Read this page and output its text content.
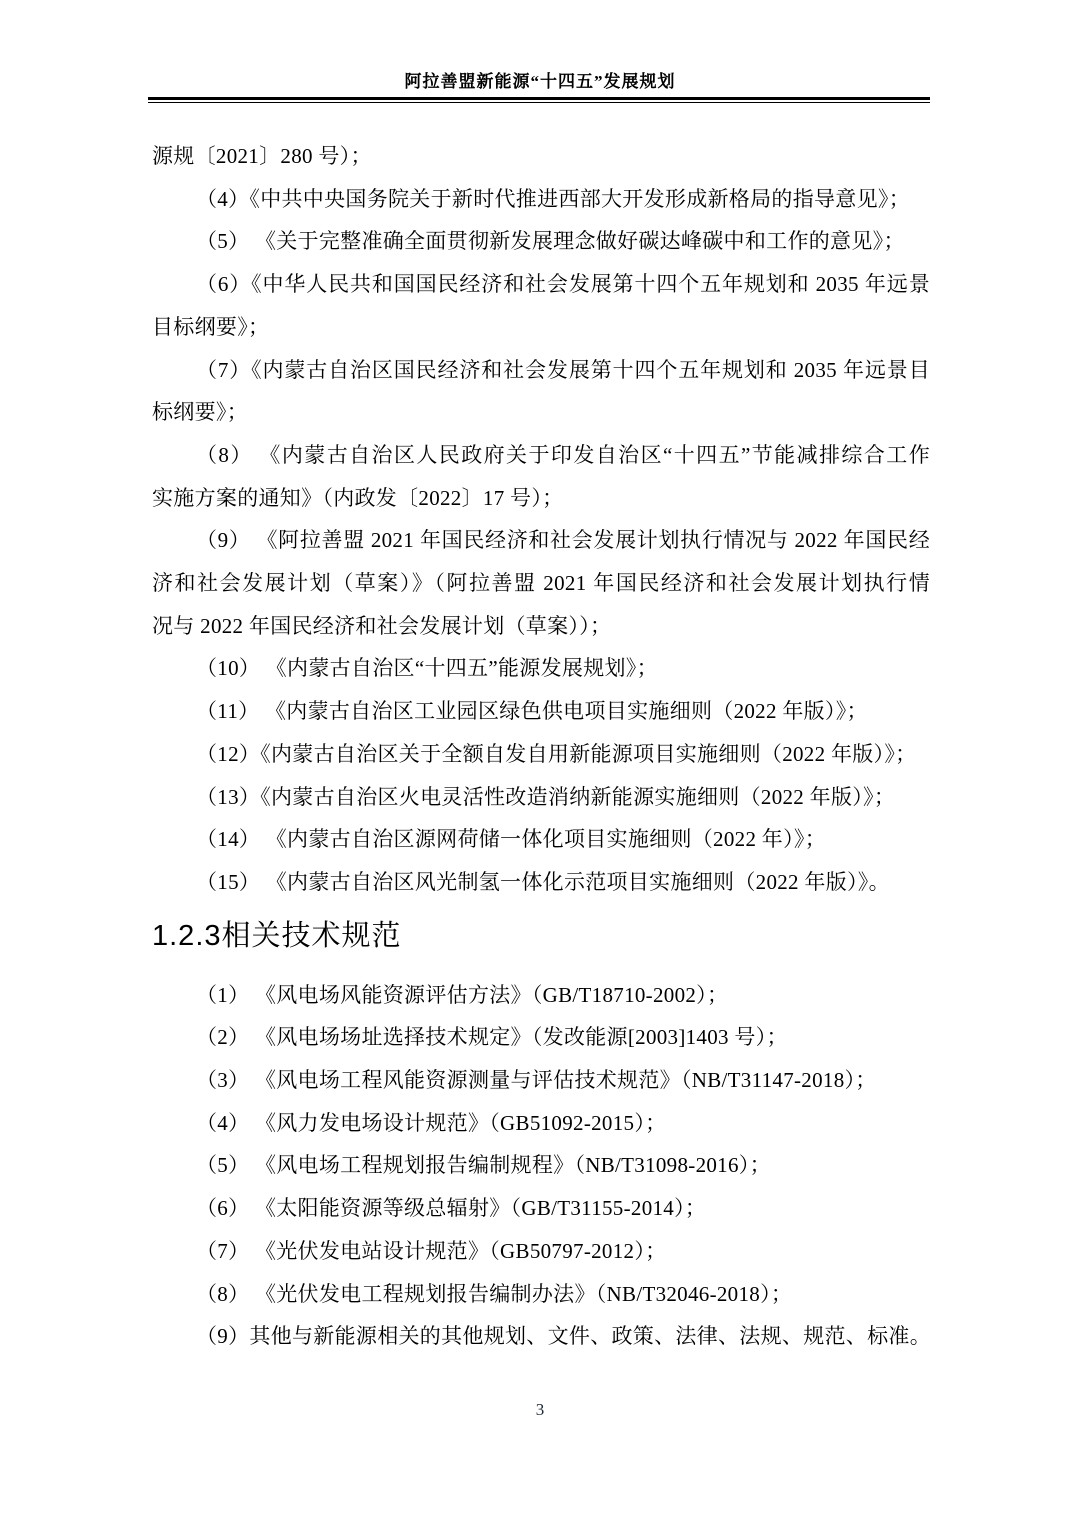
阿拉善盟新能源“十四五”发展规划
源规〔2021〕280 号）；
（4）《中共中央国务院关于新时代推进西部大开发形成新格局的指导意见》；
（5） 《关于完整准确全面贯彻新发展理念做好碳达峰碳中和工作的意见》；
（6）《中华人民共和国国民经济和社会发展第十四个五年规划和 2035 年远景
目标纲要》；
（7）《内蒙古自治区国民经济和社会发展第十四个五年规划和 2035 年远景目
标纲要》；
（8） 《内蒙古自治区人民政府关于印发自治区“十四五”节能减排综合工作
实施方案的通知》（内政发〔2022〕17 号）；
（9） 《阿拉善盟 2021 年国民经济和社会发展计划执行情况与 2022 年国民经
济和社会发展计划（草案）》（阿拉善盟 2021 年国民经济和社会发展计划执行情
况与 2022 年国民经济和社会发展计划（草案））；
（10） 《内蒙古自治区“十四五”能源发展规划》；
（11） 《内蒙古自治区工业园区绿色供电项目实施细则（2022 年版）》；
（12）《内蒙古自治区关于全额自发自用新能源项目实施细则（2022 年版）》；
（13）《内蒙古自治区火电灵活性改造消纳新能源实施细则（2022 年版）》；
（14） 《内蒙古自治区源网荷储一体化项目实施细则（2022 年）》；
（15） 《内蒙古自治区风光制氢一体化示范项目实施细则（2022 年版）》。
1.2.3相关技术规范
（1） 《风电场风能资源评估方法》（GB/T18710-2002）；
（2） 《风电场场址选择技术规定》（发改能源[2003]1403 号）；
（3） 《风电场工程风能资源测量与评估技术规范》（NB/T31147-2018）；
（4） 《风力发电场设计规范》（GB51092-2015）；
（5） 《风电场工程规划报告编制规程》（NB/T31098-2016）；
（6） 《太阳能资源等级总辐射》（GB/T31155-2014）；
（7） 《光伏发电站设计规范》（GB50797-2012）；
（8） 《光伏发电工程规划报告编制办法》（NB/T32046-2018）；
（9）其他与新能源相关的其他规划、文件、政策、法律、法规、规范、标准。
3
